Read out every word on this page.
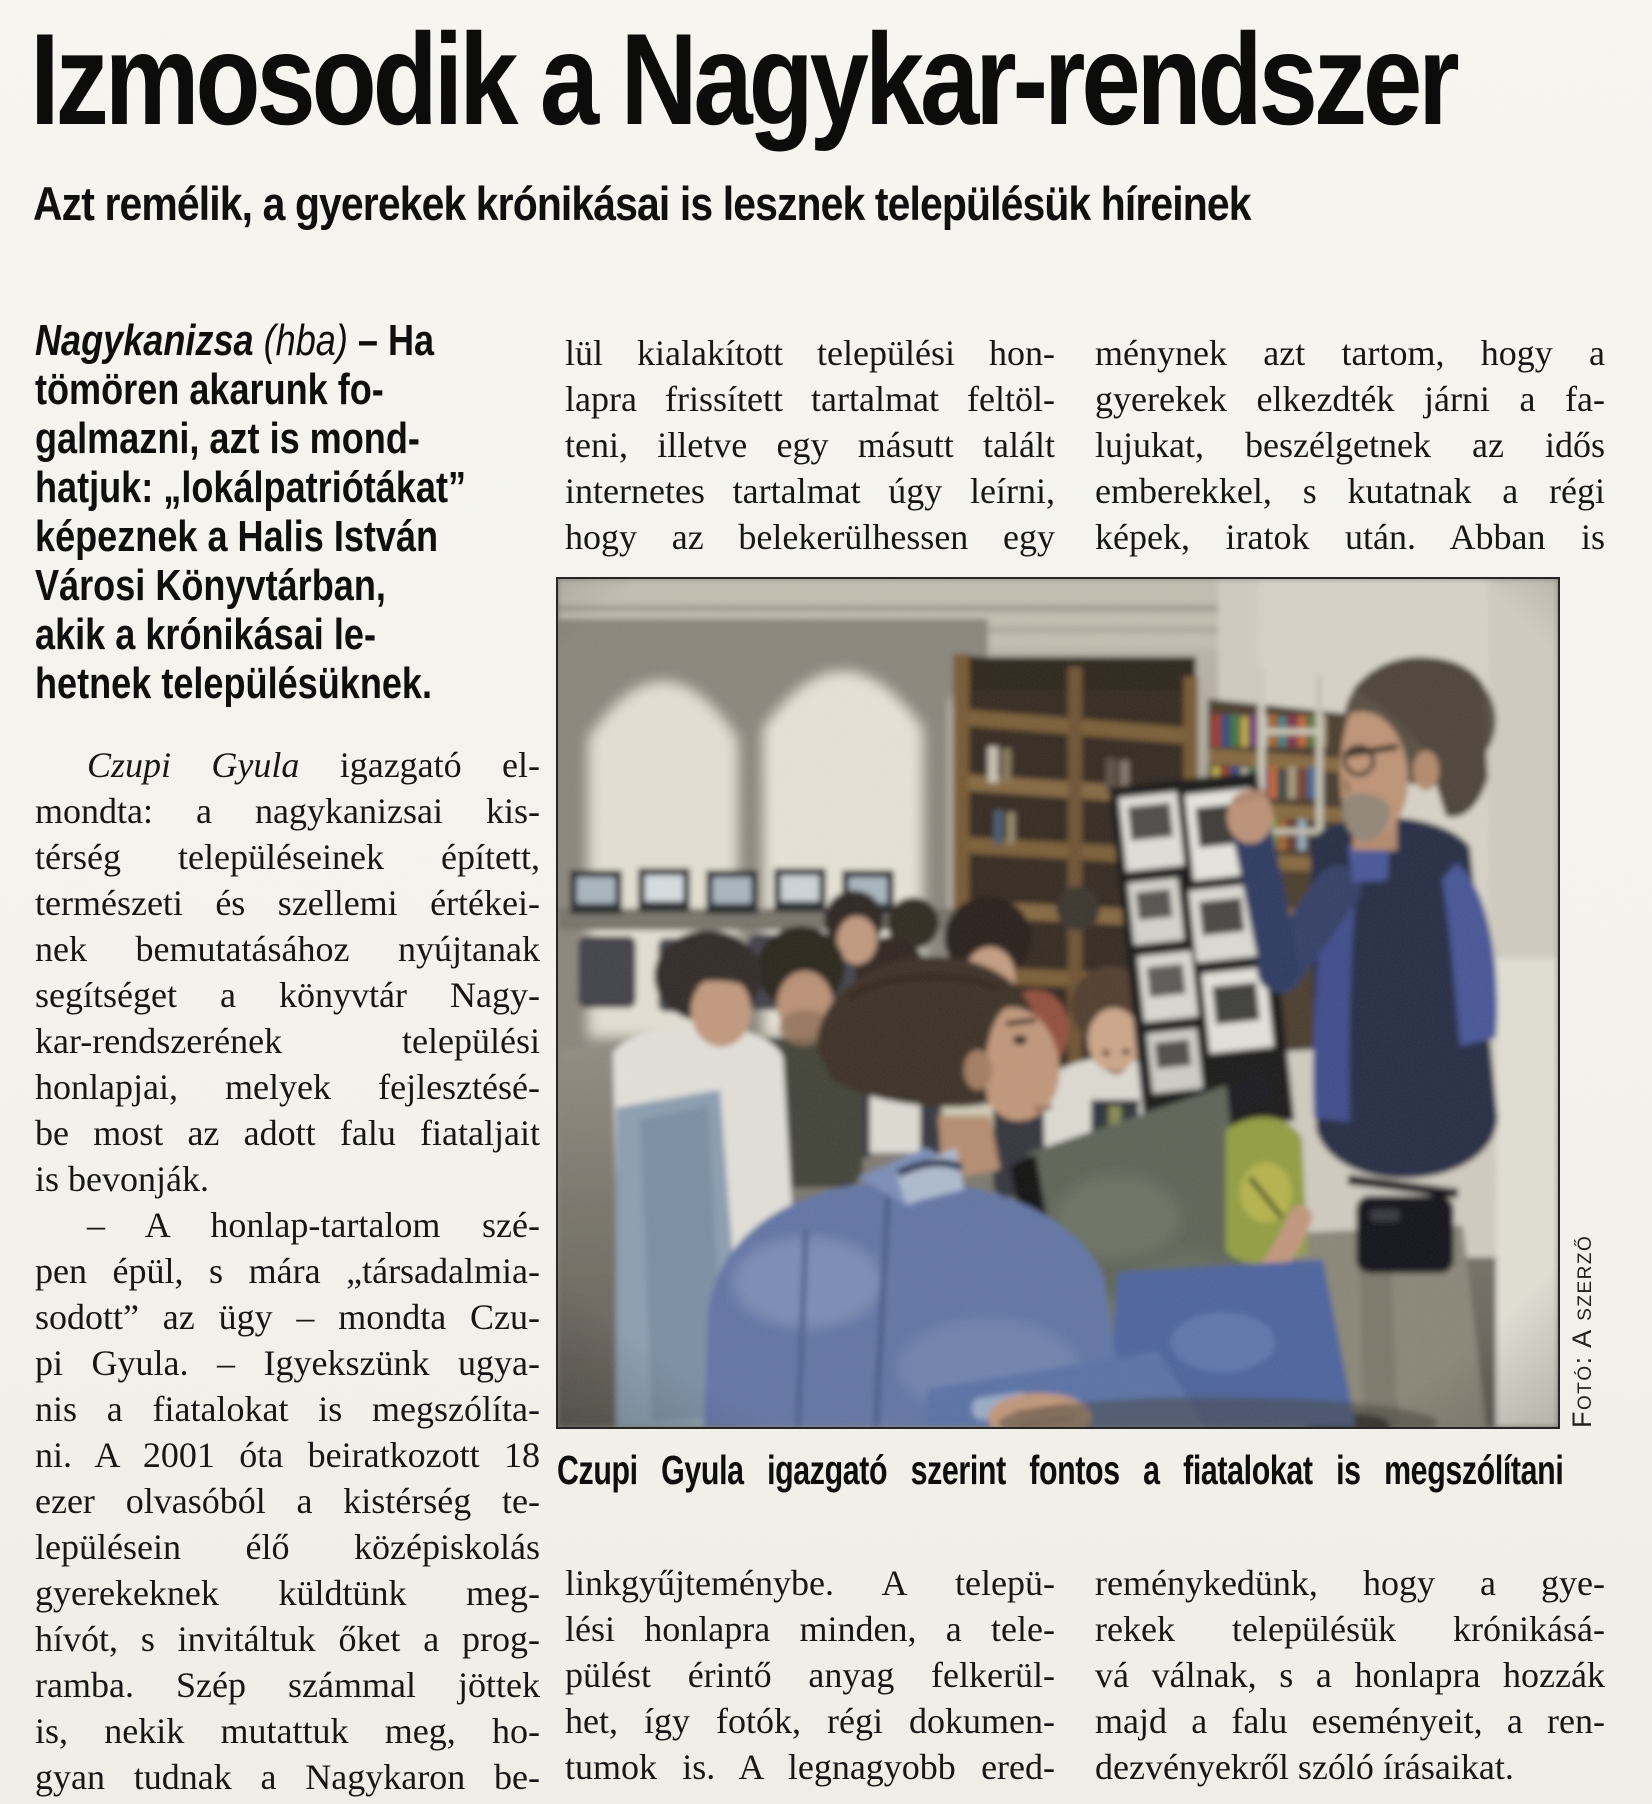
Izmosodik a Nagykar-rendszer
Azt remélik, a gyerekek krónikásai is lesznek településük híreinek
Nagykanizsa (hba) – Ha
tömören akarunk fo-
galmazni, azt is mond-
hatjuk: „lokálpatriótákat”
képeznek a Halis István
Városi Könyvtárban,
akik a krónikásai le-
hetnek településüknek.
Czupi Gyula igazgató el-
mondta: a nagykanizsai kis-
térség településeinek épített,
természeti és szellemi értékei-
nek bemutatásához nyújtanak
segítséget a könyvtár Nagy-
kar-rendszerének települési
honlapjai, melyek fejlesztésé-
be most az adott falu fiataljait
is bevonják.
– A honlap-tartalom szé-
pen épül, s mára „társadalmia-
sodott” az ügy – mondta Czu-
pi Gyula. – Igyekszünk ugya-
nis a fiatalokat is megszólíta-
ni. A 2001 óta beiratkozott 18
ezer olvasóból a kistérség te-
lepülésein élő középiskolás
gyerekeknek küldtünk meg-
hívót, s invitáltuk őket a prog-
ramba. Szép számmal jöttek
is, nekik mutattuk meg, ho-
gyan tudnak a Nagykaron be-
lül kialakított települési hon-
lapra frissített tartalmat feltöl-
teni, illetve egy másutt talált
internetes tartalmat úgy leírni,
hogy az belekerülhessen egy
ménynek azt tartom, hogy a
gyerekek elkezdték járni a fa-
lujukat, beszélgetnek az idős
emberekkel, s kutatnak a régi
képek, iratok után. Abban is
Fotó: A szerző
Czupi Gyula igazgató szerint fontos a fiatalokat is megszólítani
linkgyűjteménybe. A telepü-
lési honlapra minden, a tele-
pülést érintő anyag felkerül-
het, így fotók, régi dokumen-
tumok is. A legnagyobb ered-
reménykedünk, hogy a gye-
rekek településük krónikásá-
vá válnak, s a honlapra hozzák
majd a falu eseményeit, a ren-
dezvényekről szóló írásaikat.
